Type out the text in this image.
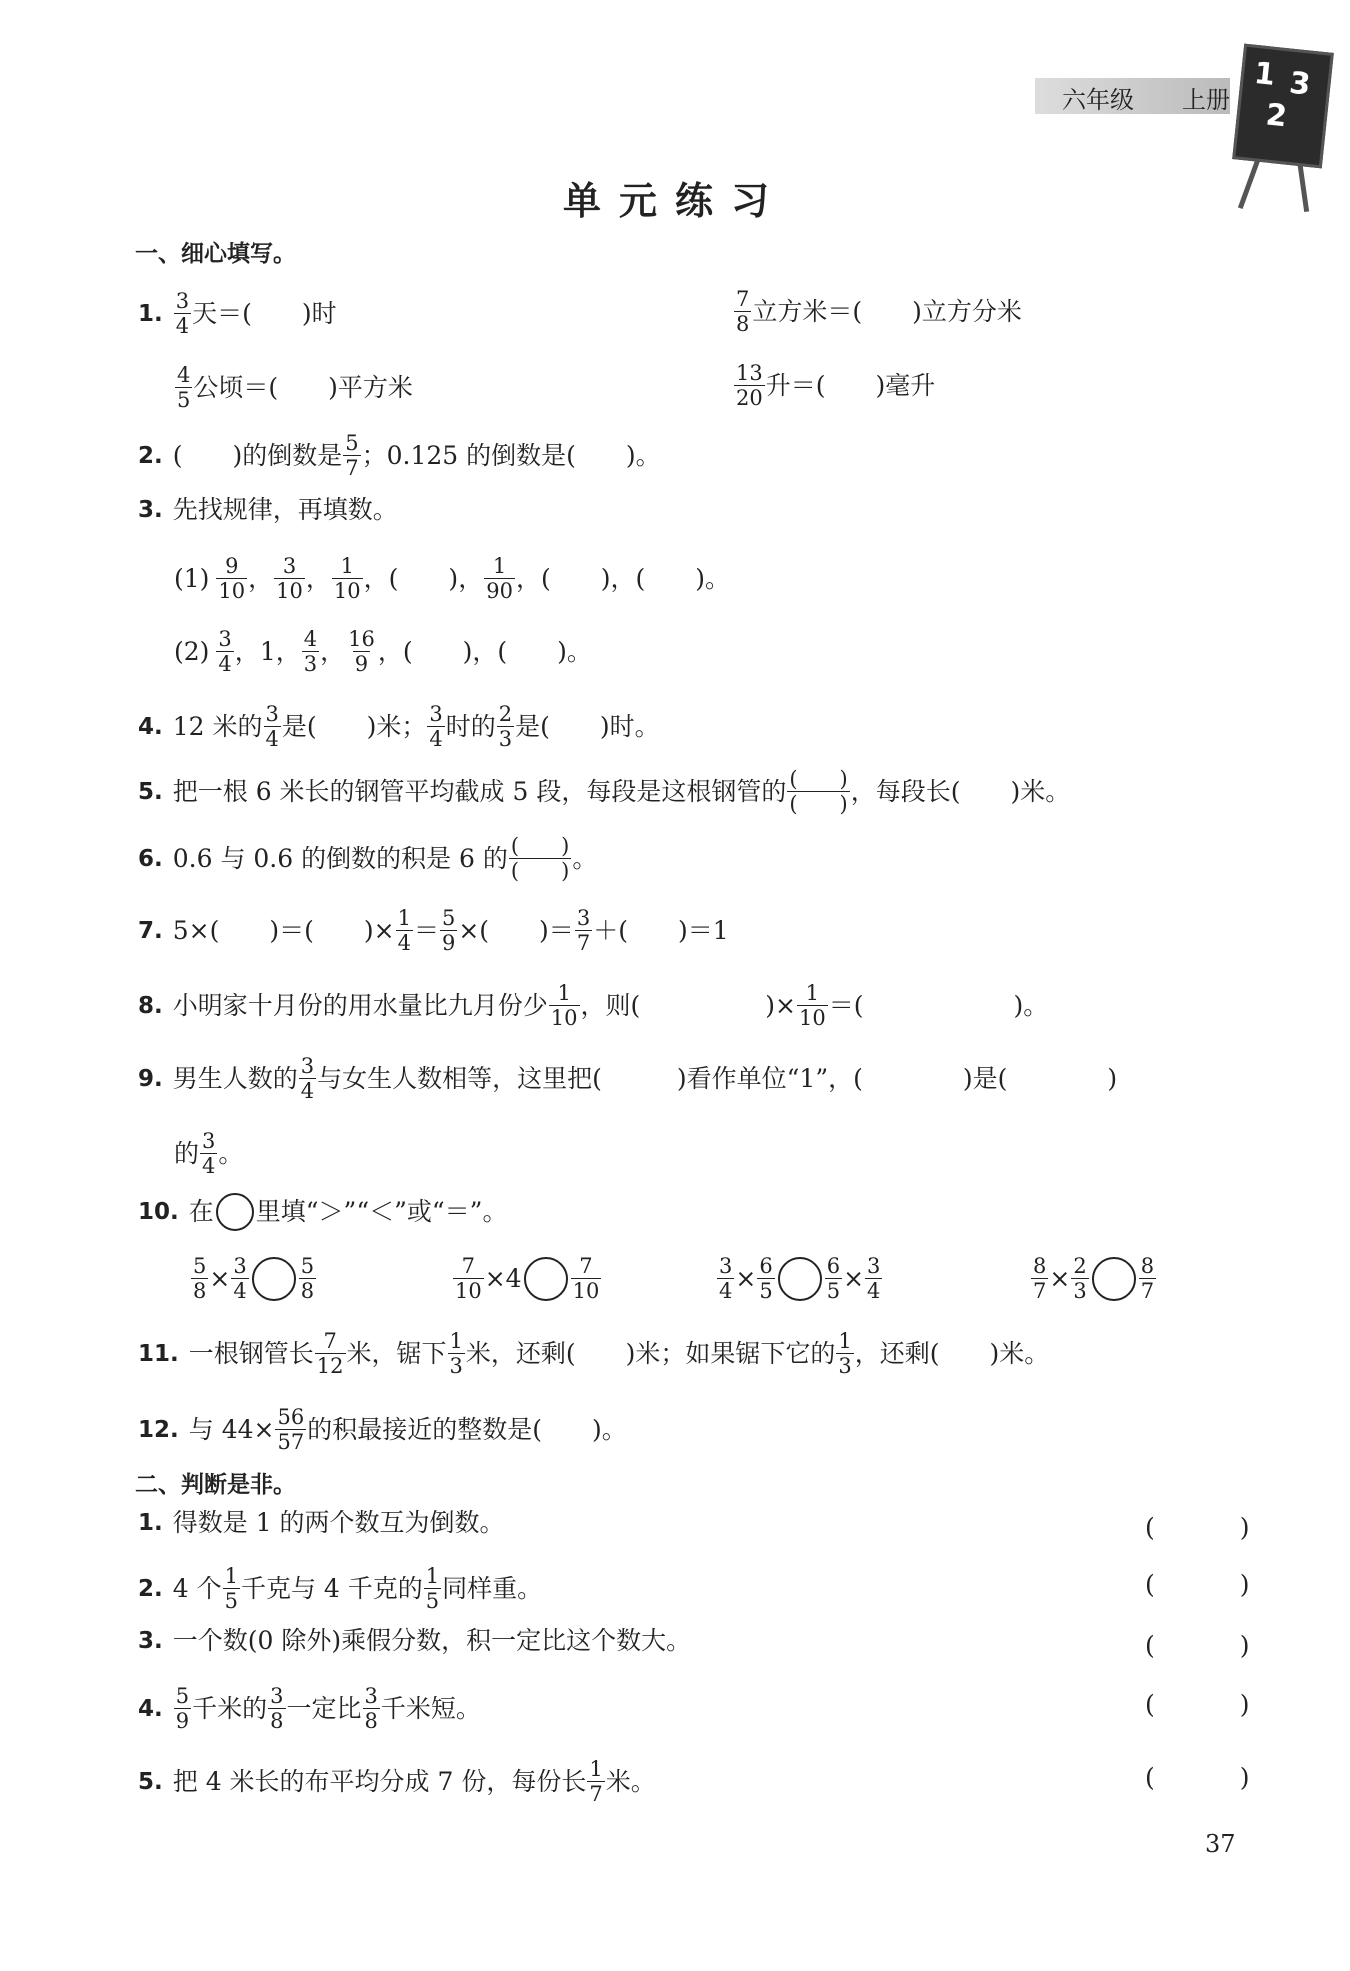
六年级 上册
1 3
2
单元练习
一、细心填写。
1. $\frac{3}{4}$ 天＝(　　)时	$\frac{7}{8}$ 立方米＝(　　)立方分米
$\frac{4}{5}$ 公顷＝(　　)平方米	$\frac{13}{20}$ 升＝(　　)毫升
2. (　　)的倒数是 $\frac{5}{7}$ ；0.125 的倒数是(　　)。
3. 先找规律，再填数。
$(1) \frac{9}{10}$ ， $\frac{3}{10}$ ， $\frac{1}{10}$ ， (　　) ， $\frac{1}{90}$ ， (　　) ， (　　) 。
$(2) \frac{3}{4}$ ， 1 ， $\frac{4}{3}$ ， $\frac{16}{9}$ ， (　　) ， (　　) 。
4. 12 米的 $\frac{3}{4}$ 是(　　)米； $\frac{3}{4}$ 时的 $\frac{2}{3}$ 是(　　)时。
5. 把一根 6 米长的钢管平均截成 5 段，每段是这根钢管的 $\frac{( )}{( )}$ ，每段长(　　)米。
6. 0.6 与 0.6 的倒数的积是 6 的 $\frac{( )}{( )}$ 。
7. 5×(　　)＝(　　)× $\frac{1}{4} = \frac{5}{9}$ ×(　　)＝ $\frac{3}{7}$ ＋(　　)＝1
8. 小明家十月份的用水量比九月份少 $\frac{1}{10}$ ，则(　　　　　)× $\frac{1}{10}$ ＝(　　　　　　)。
9. 男生人数的 $\frac{3}{4}$ 与女生人数相等，这里把(　　　)看作单位“1”，(　　　　)是(　　　　)
的 $\frac{3}{4}$ 。
10. 在 里填“＞”“＜”或“＝”。
$\frac{5}{8} \times \frac{3}{4} \frac{5}{8}$	$\frac{7}{10} \times 4 \frac{7}{10}$	$\frac{3}{4} \times \frac{6}{5} \frac{6}{5} \times \frac{3}{4}$	$\frac{8}{7} \times \frac{2}{3} \frac{8}{7}$
11. 一根钢管长 $\frac{7}{12}$ 米，锯下 $\frac{1}{3}$ 米，还剩(　　)米；如果锯下它的 $\frac{1}{3}$ ，还剩(　　)米。
12. 与 $44\times \frac{56}{57}$ 的积最接近的整数是(　　)。
二、判断是非。
1. 得数是 1 的两个数互为倒数。	(　)
2. 4 个 $\frac{1}{5}$ 千克与 4 千克的 $\frac{1}{5}$ 同样重。	(　)
3. 一个数(0 除外)乘假分数，积一定比这个数大。	(　)
4. $\frac{5}{9}$ 千米的 $\frac{3}{8}$ 一定比 $\frac{3}{8}$ 千米短。	(　)
5. 把 4 米长的布平均分成 7 份，每份长 $\frac{1}{7}$ 米。	(　)
37
